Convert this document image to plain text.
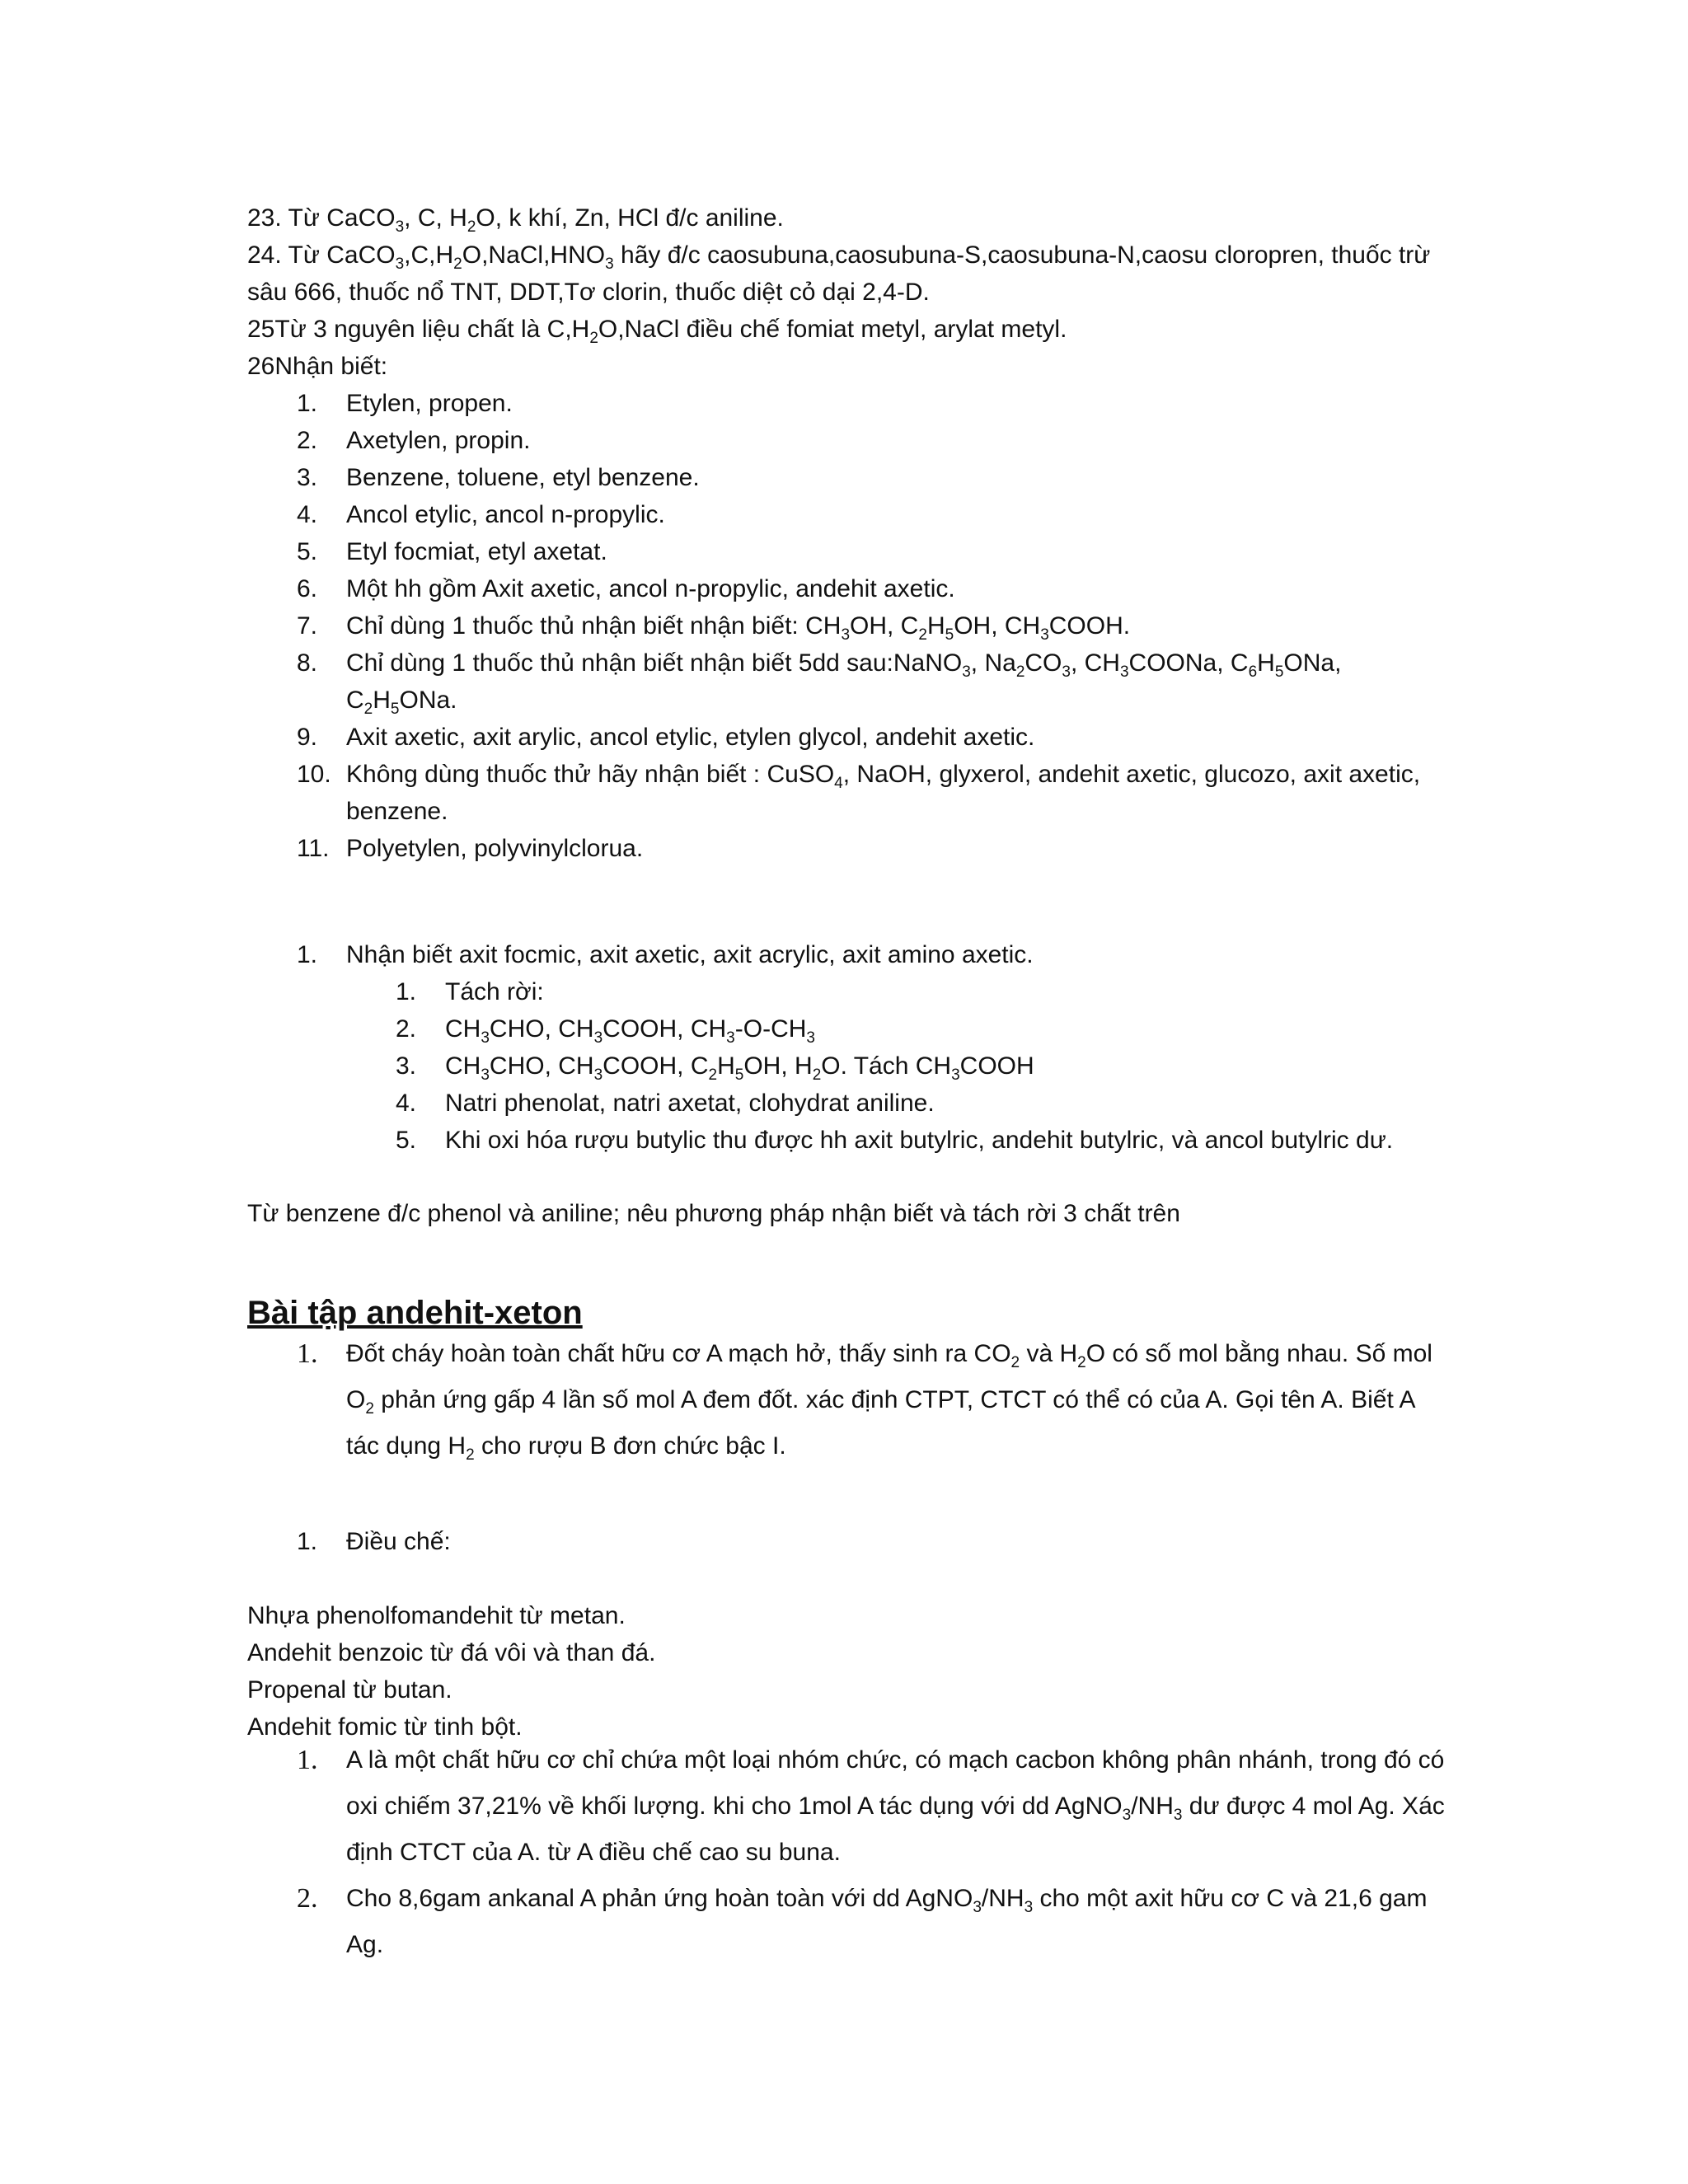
23. Từ CaCO$_3$, C, $H_2O$, k khí, Zn, HCl đ/c aniline.

24. Từ $CaCO_3,C,H_2O,NaCl,HNO_3$ hãy đ/c caosubuna,caosubuna-S,caosubuna-N,caosu cloropren, thuốc trừ

sâu 666, thuốc nổ TNT, DDT,Tơ clorin, thuốc diệt cỏ dại 2,4-D.

25Từ 3 nguyên liệu chất là $C,H_2O,NaCl$ điều chế fomiat metyl, arylat metyl.

26Nhận biết:

1.	Etylen, propen.
2.	Axetylen, propin.
3.	Benzene, toluene, etyl benzene.
4.	Ancol etylic, ancol n-propylic.
5.	Etyl focmiat, etyl axetat.
6.	Một hh gồm Axit axetic, ancol n-propylic, andehit axetic.
7.	Chỉ dùng 1 thuốc thủ nhận biết nhận biết: $CH_3OH$, $C_2H_5OH$, $CH_3COOH$.
8.	Chỉ dùng 1 thuốc thủ nhận biết nhận biết 5dd sau:NaNO$_3$, $Na_2CO_3$, $CH_3COONa$, $C_6H_5ONa$, $C_2H_5ONa$.
9.	Axit axetic, axit arylic, ancol etylic, etylen glycol, andehit axetic.
10. Không dùng thuốc thử hãy nhận biết : CuSO$_4$, NaOH, glyxerol, andehit axetic, glucozo, axit axetic, benzene.
11. Polyetylen, polyvinylclorua.
1.	Nhận biết axit focmic, axit axetic, axit acrylic, axit amino axetic.
1.	Tách rời:
2.	$CH_3CHO$, $CH_3COOH$, $CH_3-O-CH_3$
3.	$CH_3CHO$, $CH_3COOH$, $C_2H_5OH$, $H_2O$. Tách $CH_3COOH$
4.	Natri phenolat, natri axetat, clohydrat aniline.
5.	Khi oxi hóa rượu butylic thu được hh axit butylric, andehit butylric, và ancol butylric dư.

Từ benzene đ/c phenol và aniline; nêu phương pháp nhận biết và tách rời 3 chất trên

Bài tập andehit-xeton

1.	Đốt cháy hoàn toàn chất hữu cơ A mạch hở, thấy sinh ra $CO_2$ và $H_2O$ có số mol bằng nhau. Số mol $O_2$ phản ứng gấp 4 lần số mol A đem đốt. xác định CTPT, CTCT có thể có của A. Gọi tên A. Biết A tác dụng $H_2$ cho rượu B đơn chức bậc I.
1.	Điều chế:

Nhựa phenolfomandehit từ metan.

Andehit benzoic từ đá vôi và than đá.

Propenal từ butan.

Andehit fomic từ tinh bột.

1.	A là một chất hữu cơ chỉ chứa một loại nhóm chức, có mạch cacbon không phân nhánh, trong đó có oxi chiếm 37,21% về khối lượng. khi cho 1mol A tác dụng với dd $AgNO_3/NH_3$ dư được 4 mol Ag. Xác định CTCT của A. từ A điều chế cao su buna.
2.	Cho 8,6gam ankanal A phản ứng hoàn toàn với dd $AgNO_3/NH_3$ cho một axit hữu cơ C và 21,6 gam Ag.
